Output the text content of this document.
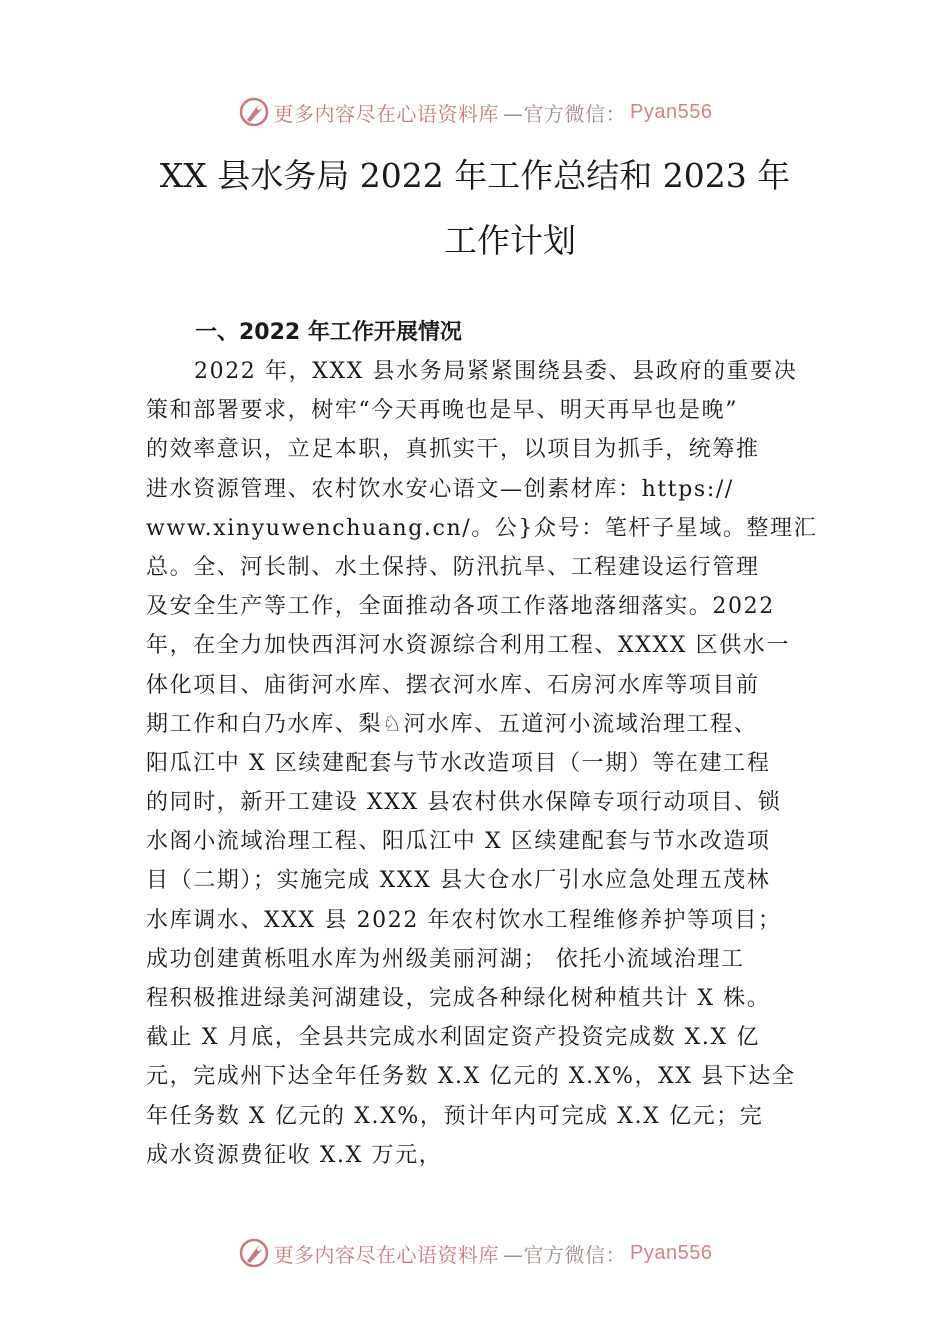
更多内容尽在心语资料库 —官方微信： Pyan556
XX 县水务局 2022 年工作总结和 2023 年
工作计划
一、2022 年工作开展情况
2022 年，XXX 县水务局紧紧围绕县委、县政府的重要决
策和部署要求，树牢“今天再晚也是早、明天再早也是晚”
的效率意识，立足本职，真抓实干，以项目为抓手，统筹推
进水资源管理、农村饮水安心语文—创素材库：https://
www.xinyuwenchuang.cn/。公}众号：笔杆子星域。整理汇
总。全、河长制、水土保持、防汛抗旱、工程建设运行管理
及安全生产等工作，全面推动各项工作落地落细落实。2022
年，在全力加快西洱河水资源综合利用工程、XXXX 区供水一
体化项目、庙街河水库、摆衣河水库、石房河水库等项目前
期工作和白乃水库、梨♘河水库、五道河小流域治理工程、
阳瓜江中 X 区续建配套与节水改造项目（一期）等在建工程
的同时，新开工建设 XXX 县农村供水保障专项行动项目、锁
水阁小流域治理工程、阳瓜江中 X 区续建配套与节水改造项
目（二期）；实施完成 XXX 县大仓水厂引水应急处理五茂林
水库调水、XXX 县 2022 年农村饮水工程维修养护等项目；
成功创建黄栎咀水库为州级美丽河湖； 依托小流域治理工
程积极推进绿美河湖建设，完成各种绿化树种植共计 X 株。
截止 X 月底，全县共完成水利固定资产投资完成数 X.X 亿
元，完成州下达全年任务数 X.X 亿元的 X.X%，XX 县下达全
年任务数 X 亿元的 X.X%，预计年内可完成 X.X 亿元；完
成水资源费征收 X.X 万元，
更多内容尽在心语资料库 —官方微信： Pyan556
